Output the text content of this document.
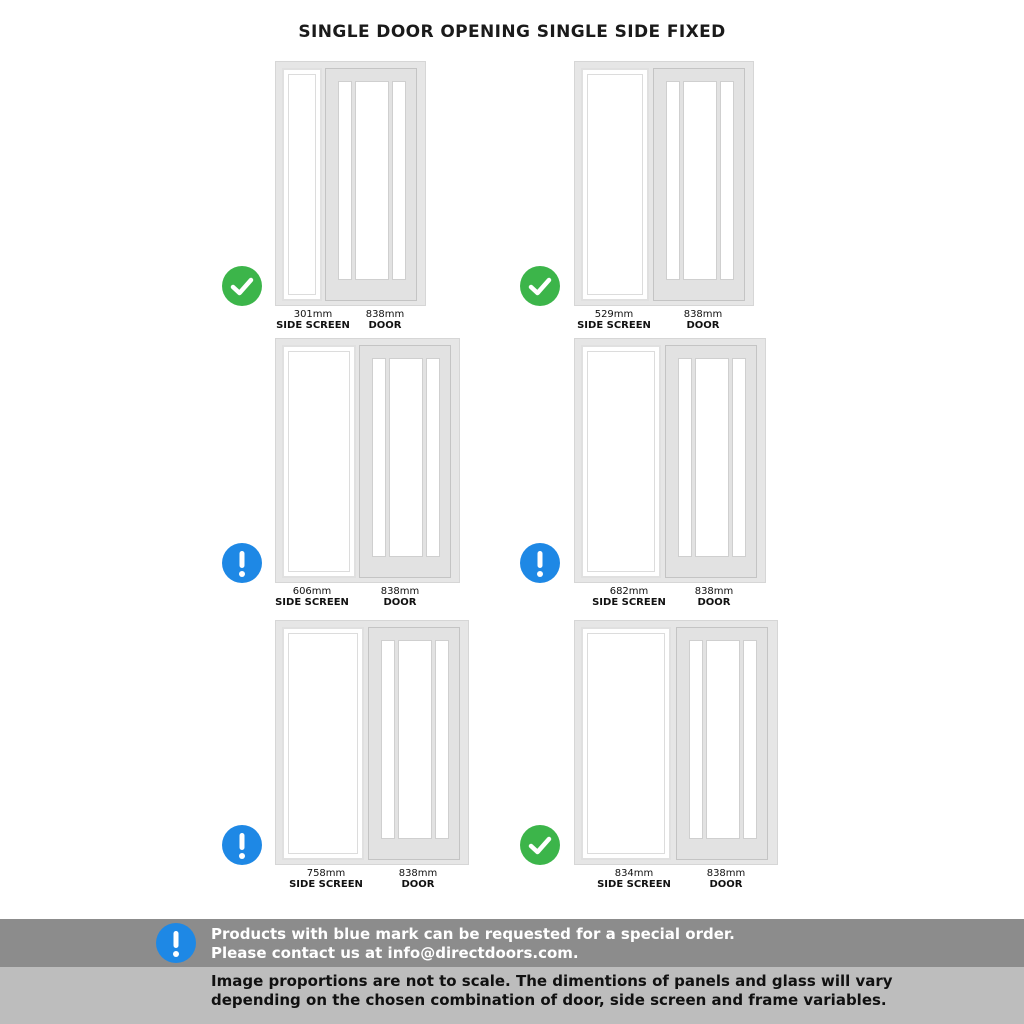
SINGLE DOOR OPENING SINGLE SIDE FIXED
301mm
SIDE SCREEN
838mm
DOOR
529mm
SIDE SCREEN
838mm
DOOR
606mm
SIDE SCREEN
838mm
DOOR
682mm
SIDE SCREEN
838mm
DOOR
758mm
SIDE SCREEN
838mm
DOOR
834mm
SIDE SCREEN
838mm
DOOR
Products with blue mark can be requested for a special order.
Please contact us at info@directdoors.com.
Image proportions are not to scale. The dimentions of panels and glass will vary
depending on the chosen combination of door, side screen and frame variables.
